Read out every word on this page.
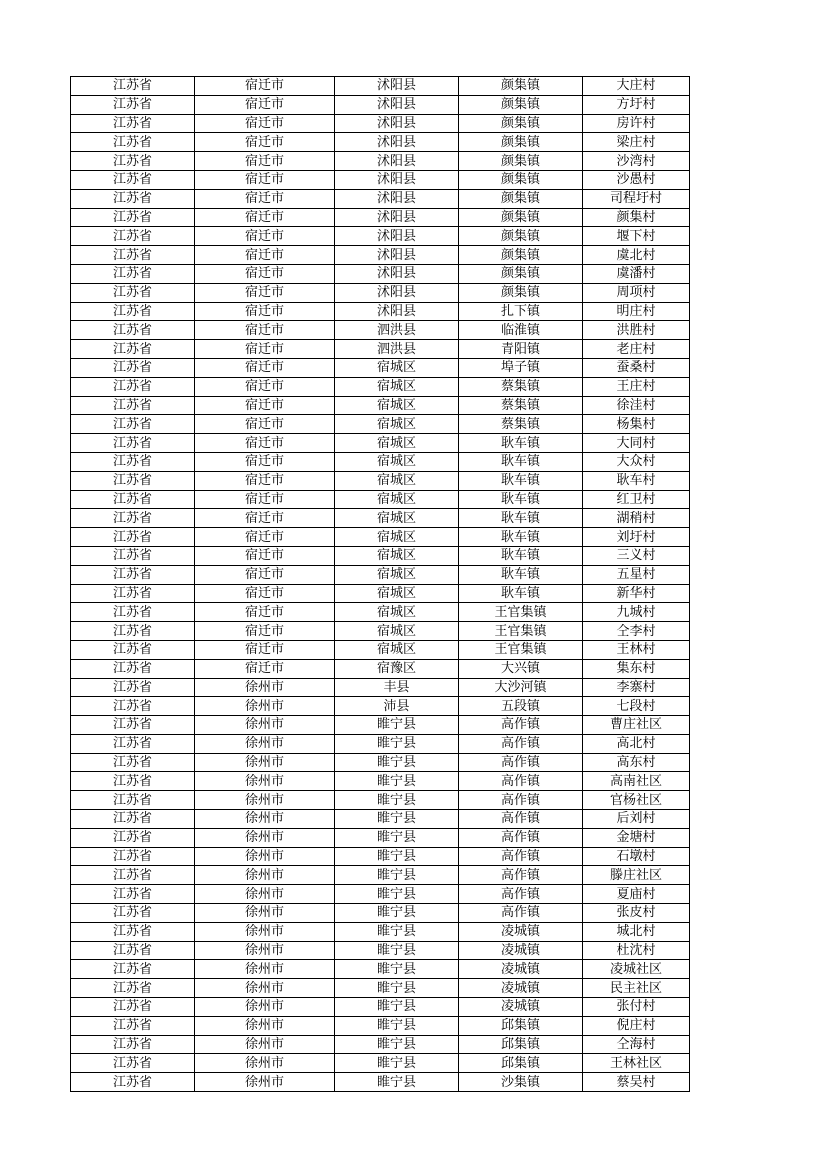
江苏省	宿迁市	沭阳县	颜集镇	大庄村
江苏省	宿迁市	沭阳县	颜集镇	方圩村
江苏省	宿迁市	沭阳县	颜集镇	房许村
江苏省	宿迁市	沭阳县	颜集镇	梁庄村
江苏省	宿迁市	沭阳县	颜集镇	沙湾村
江苏省	宿迁市	沭阳县	颜集镇	沙愚村
江苏省	宿迁市	沭阳县	颜集镇	司程圩村
江苏省	宿迁市	沭阳县	颜集镇	颜集村
江苏省	宿迁市	沭阳县	颜集镇	堰下村
江苏省	宿迁市	沭阳县	颜集镇	虞北村
江苏省	宿迁市	沭阳县	颜集镇	虞潘村
江苏省	宿迁市	沭阳县	颜集镇	周项村
江苏省	宿迁市	沭阳县	扎下镇	明庄村
江苏省	宿迁市	泗洪县	临淮镇	洪胜村
江苏省	宿迁市	泗洪县	青阳镇	老庄村
江苏省	宿迁市	宿城区	埠子镇	蚕桑村
江苏省	宿迁市	宿城区	蔡集镇	王庄村
江苏省	宿迁市	宿城区	蔡集镇	徐洼村
江苏省	宿迁市	宿城区	蔡集镇	杨集村
江苏省	宿迁市	宿城区	耿车镇	大同村
江苏省	宿迁市	宿城区	耿车镇	大众村
江苏省	宿迁市	宿城区	耿车镇	耿车村
江苏省	宿迁市	宿城区	耿车镇	红卫村
江苏省	宿迁市	宿城区	耿车镇	湖稍村
江苏省	宿迁市	宿城区	耿车镇	刘圩村
江苏省	宿迁市	宿城区	耿车镇	三义村
江苏省	宿迁市	宿城区	耿车镇	五星村
江苏省	宿迁市	宿城区	耿车镇	新华村
江苏省	宿迁市	宿城区	王官集镇	九城村
江苏省	宿迁市	宿城区	王官集镇	仝李村
江苏省	宿迁市	宿城区	王官集镇	王林村
江苏省	宿迁市	宿豫区	大兴镇	集东村
江苏省	徐州市	丰县	大沙河镇	李寨村
江苏省	徐州市	沛县	五段镇	七段村
江苏省	徐州市	睢宁县	高作镇	曹庄社区
江苏省	徐州市	睢宁县	高作镇	高北村
江苏省	徐州市	睢宁县	高作镇	高东村
江苏省	徐州市	睢宁县	高作镇	高南社区
江苏省	徐州市	睢宁县	高作镇	官杨社区
江苏省	徐州市	睢宁县	高作镇	后刘村
江苏省	徐州市	睢宁县	高作镇	金塘村
江苏省	徐州市	睢宁县	高作镇	石墩村
江苏省	徐州市	睢宁县	高作镇	滕庄社区
江苏省	徐州市	睢宁县	高作镇	夏庙村
江苏省	徐州市	睢宁县	高作镇	张皮村
江苏省	徐州市	睢宁县	凌城镇	城北村
江苏省	徐州市	睢宁县	凌城镇	杜沈村
江苏省	徐州市	睢宁县	凌城镇	凌城社区
江苏省	徐州市	睢宁县	凌城镇	民主社区
江苏省	徐州市	睢宁县	凌城镇	张付村
江苏省	徐州市	睢宁县	邱集镇	倪庄村
江苏省	徐州市	睢宁县	邱集镇	仝海村
江苏省	徐州市	睢宁县	邱集镇	王林社区
江苏省	徐州市	睢宁县	沙集镇	蔡吴村
